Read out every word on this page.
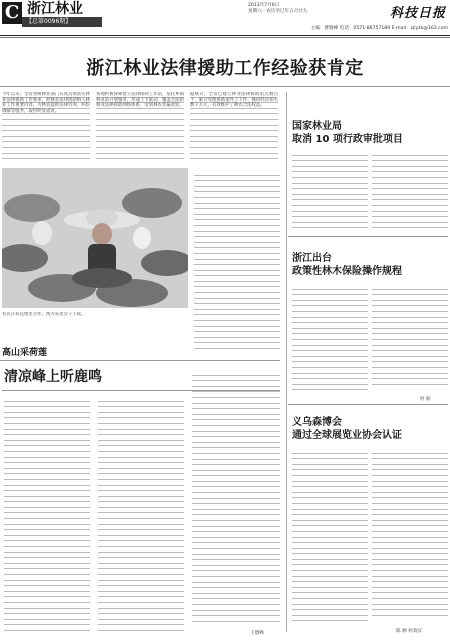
C 浙江林业
【总第0096期】
2013年7月6日
星期六 · 农历癸巳年五月廿九	科技日报
主编：曹晓峰 电话：0571-86757189 E-mail：zjlyzk@163.com
浙江林业法律援助工作经验获肯定
今年以来，全省各级林业部门认真贯彻落实林业法律援助工作要求，把林业法律援助纳入林业工作重要内容，为林农提供法律咨询、纠纷调解等服务，取得明显成效。
各地积极探索建立法律援助工作站，依托乡镇林业站开展服务，形成上下联动、覆盖全面的林业法律援助网络体系，受到林农普遍欢迎。
据统计，全省已建立林业法律援助站点数百个，累计受理援助案件上千件，挽回经济损失数千万元，有效维护了林农合法权益。
农民在荷花地里劳作。图为采莲女子丰收。
高山采荷莲
国家林业局
取消 10 项行政审批项目
浙江出台
政策性林木保险操作规程
何 振
义乌森博会
通过全球展览业协会认证
陈 刚 何效汉
清凉峰上听鹿鸣
王德峰
